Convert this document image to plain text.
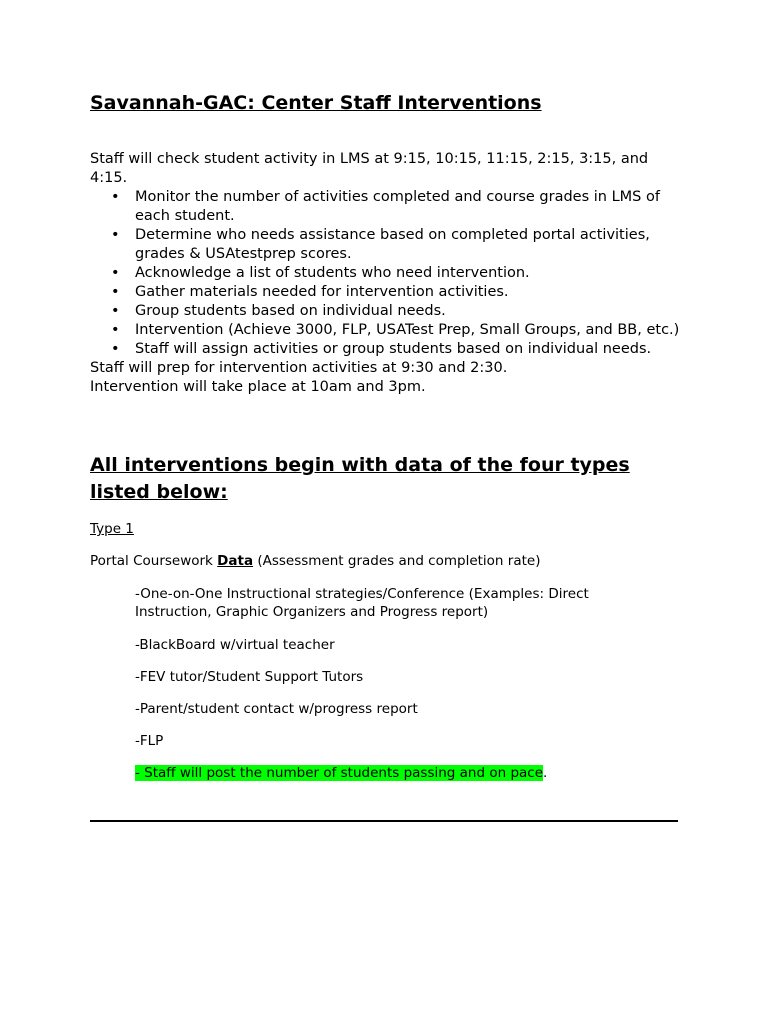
Savannah-GAC: Center Staff Interventions

Staff will check student activity in LMS at 9:15, 10:15, 11:15, 2:15, 3:15, and 4:15.

• Monitor the number of activities completed and course grades in LMS of each student.
• Determine who needs assistance based on completed portal activities, grades & USAtestprep scores.
• Acknowledge a list of students who need intervention.
• Gather materials needed for intervention activities.
• Group students based on individual needs.
• Intervention (Achieve 3000, FLP, USATest Prep, Small Groups, and BB, etc.)
• Staff will assign activities or group students based on individual needs.

Staff will prep for intervention activities at 9:30 and 2:30.

Intervention will take place at 10am and 3pm.

All interventions begin with data of the four types listed below:

Type 1

Portal Coursework Data (Assessment grades and completion rate)

-One-on-One Instructional strategies/Conference (Examples: Direct Instruction, Graphic Organizers and Progress report)

-BlackBoard w/virtual teacher

-FEV tutor/Student Support Tutors

-Parent/student contact w/progress report

-FLP

- Staff will post the number of students passing and on pace.
